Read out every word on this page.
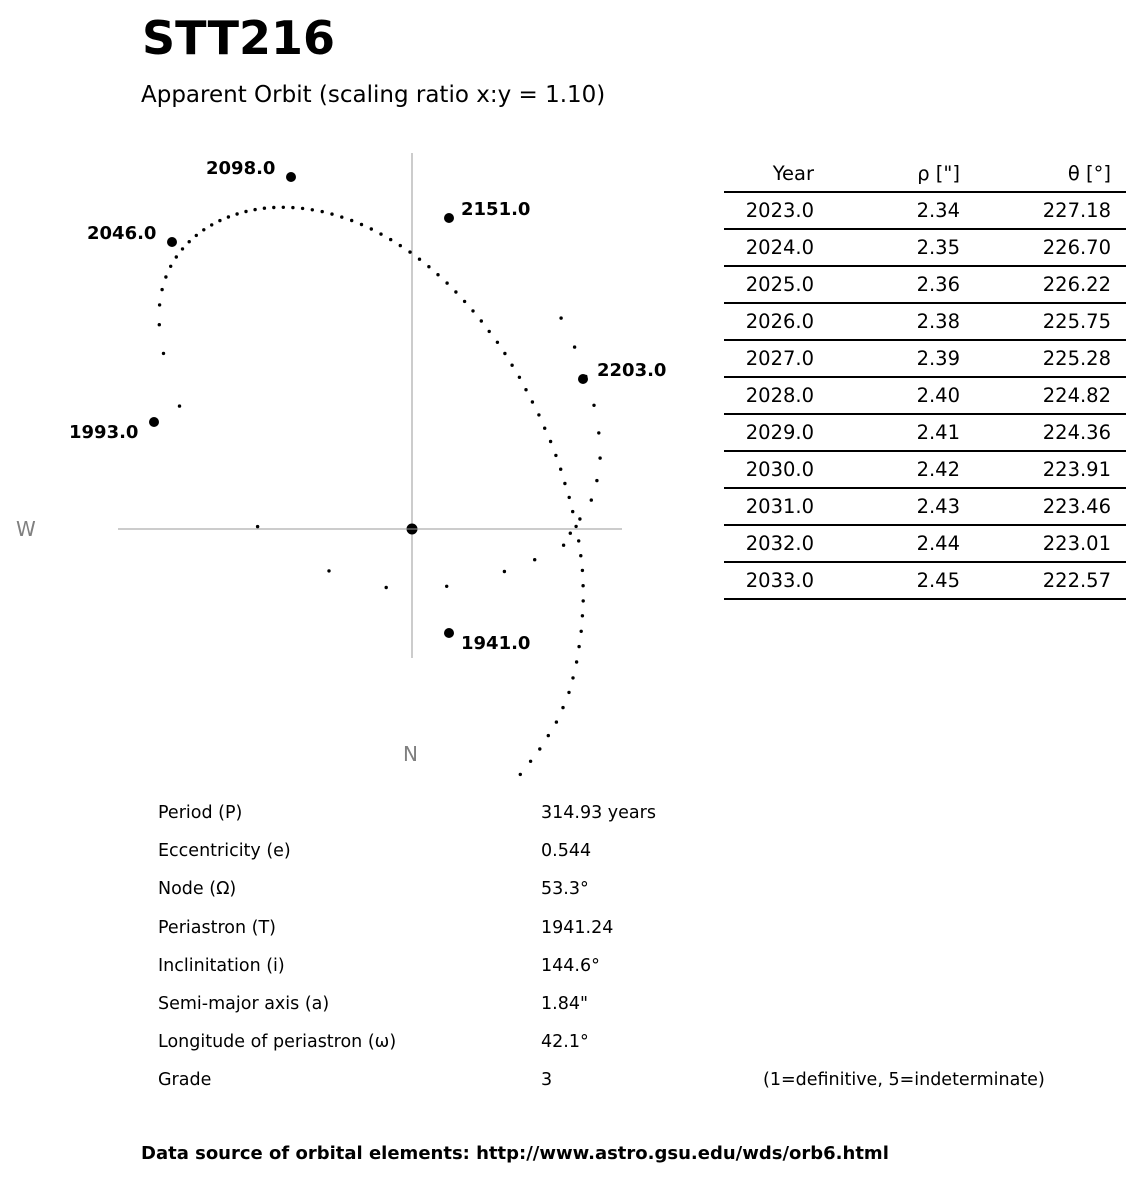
STT216
Apparent Orbit (scaling ratio x:y = 1.10)
2098.0
2151.0
2046.0
2203.0
1993.0
1941.0
W
N
Year	ρ ["]	θ [°]	
2023.0	2.34	227.18	
2024.0	2.35	226.70	
2025.0	2.36	226.22	
2026.0	2.38	225.75	
2027.0	2.39	225.28	
2028.0	2.40	224.82	
2029.0	2.41	224.36	
2030.0	2.42	223.91	
2031.0	2.43	223.46	
2032.0	2.44	223.01	
2033.0	2.45	222.57	
Period (P)	314.93 years
Eccentricity (e)	0.544
Node (Ω)	53.3°
Periastron (T)	1941.24
Inclinitation (i)	144.6°
Semi-major axis (a)	1.84"
Longitude of periastron (ω)	42.1°
Grade	3	(1=definitive, 5=indeterminate)
Data source of orbital elements: http://www.astro.gsu.edu/wds/orb6.html
